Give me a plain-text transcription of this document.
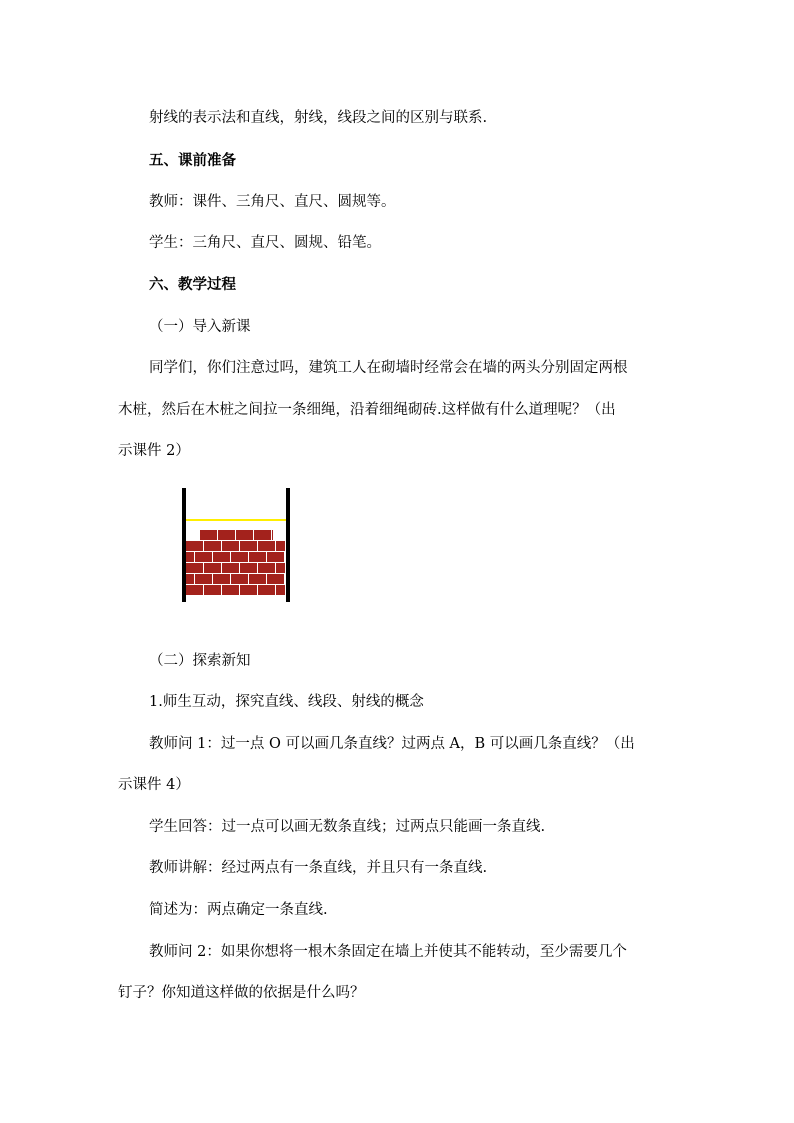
射线的表示法和直线，射线，线段之间的区别与联系.

五、课前准备

教师：课件、三角尺、直尺、圆规等。

学生：三角尺、直尺、圆规、铅笔。

六、教学过程

（一）导入新课

同学们，你们注意过吗，建筑工人在砌墙时经常会在墙的两头分别固定两根

木桩，然后在木桩之间拉一条细绳，沿着细绳砌砖.这样做有什么道理呢？（出

示课件 2）

（二）探索新知

1.师生互动，探究直线、线段、射线的概念

教师问 1：过一点 O 可以画几条直线？过两点 A，B 可以画几条直线？（出

示课件 4）

学生回答：过一点可以画无数条直线；过两点只能画一条直线.

教师讲解：经过两点有一条直线，并且只有一条直线.

简述为：两点确定一条直线.

教师问 2：如果你想将一根木条固定在墙上并使其不能转动，至少需要几个

钉子？你知道这样做的依据是什么吗？
